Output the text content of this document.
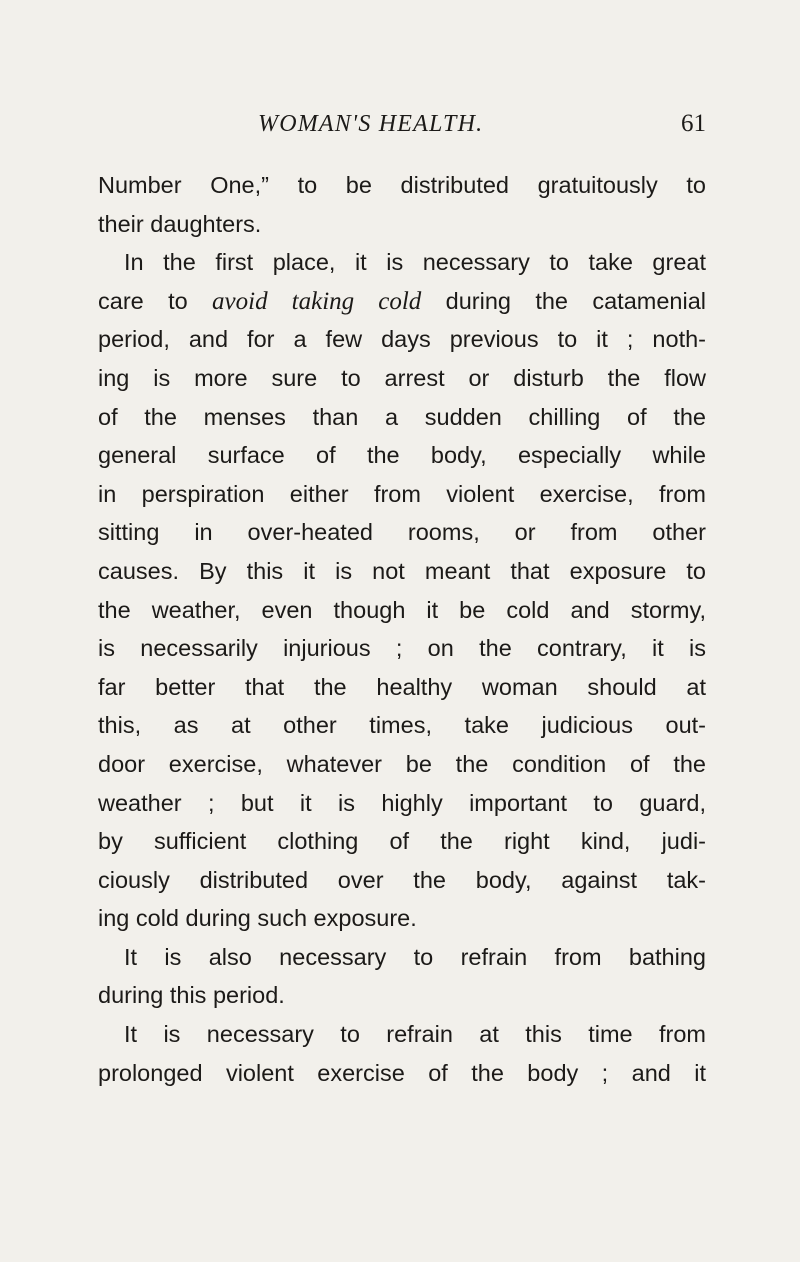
WOMAN'S HEALTH.	61
Number One,” to be distributed gratuitously to
their daughters.
In the first place, it is necessary to take great
care to avoid taking cold during the catamenial
period, and for a few days previous to it ; noth-
ing is more sure to arrest or disturb the flow
of the menses than a sudden chilling of the
general surface of the body, especially while
in perspiration either from violent exercise, from
sitting in over-heated rooms, or from other
causes. By this it is not meant that exposure to
the weather, even though it be cold and stormy,
is necessarily injurious ; on the contrary, it is
far better that the healthy woman should at
this, as at other times, take judicious out-
door exercise, whatever be the condition of the
weather ; but it is highly important to guard,
by sufficient clothing of the right kind, judi-
ciously distributed over the body, against tak-
ing cold during such exposure.
It is also necessary to refrain from bathing
during this period.
It is necessary to refrain at this time from
prolonged violent exercise of the body ; and it
